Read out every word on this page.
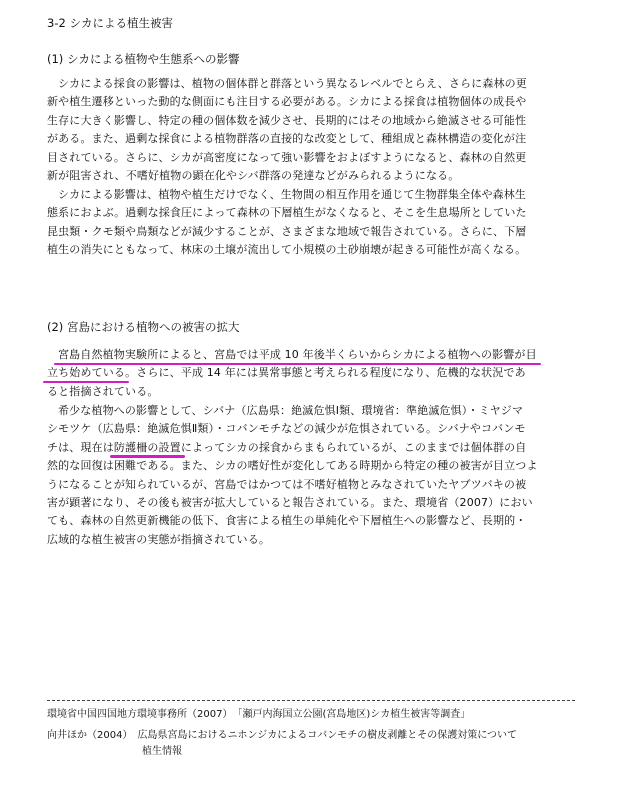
3-2 シカによる植生被害
(1) シカによる植物や生態系への影響
シカによる採食の影響は、植物の個体群と群落という異なるレベルでとらえ、さらに森林の更
新や植生遷移といった動的な側面にも注目する必要がある。シカによる採食は植物個体の成長や
生存に大きく影響し、特定の種の個体数を減少させ、長期的にはその地域から絶滅させる可能性
がある。また、過剰な採食による植物群落の直接的な改変として、種組成と森林構造の変化が注
目されている。さらに、シカが高密度になって強い影響をおよぼすようになると、森林の自然更
新が阻害され、不嗜好植物の顕在化やシバ群落の発達などがみられるようになる。
シカによる影響は、植物や植生だけでなく、生物間の相互作用を通じて生物群集全体や森林生
態系におよぶ。過剰な採食圧によって森林の下層植生がなくなると、そこを生息場所としていた
昆虫類・クモ類や鳥類などが減少することが、さまざまな地域で報告されている。さらに、下層
植生の消失にともなって、林床の土壌が流出して小規模の土砂崩壊が起きる可能性が高くなる。
(2) 宮島における植物への被害の拡大
宮島自然植物実験所によると、宮島では平成 10 年後半くらいからシカによる植物への影響が目
立ち始めている。さらに、平成 14 年には異常事態と考えられる程度になり、危機的な状況であ
ると指摘されている。
希少な植物への影響として、シバナ（広島県：絶滅危惧Ⅰ類、環境省：準絶滅危惧）・ミヤジマ
シモツケ（広島県：絶滅危惧Ⅱ類）・コバンモチなどの減少が危惧されている。シバナやコバンモ
チは、現在は防護柵の設置によってシカの採食からまもられているが、このままでは個体群の自
然的な回復は困難である。また、シカの嗜好性が変化してある時期から特定の種の被害が目立つよ
うになることが知られているが、宮島ではかつては不嗜好植物とみなされていたヤブツバキの被
害が顕著になり、その後も被害が拡大していると報告されている。また、環境省（2007）におい
ても、森林の自然更新機能の低下、食害による植生の単純化や下層植生への影響など、長期的・
広域的な植生被害の実態が指摘されている。
環境省中国四国地方環境事務所（2007）　「瀬戸内海国立公園(宮島地区)シカ植生被害等調査」
向井ほか（2004）　広島県宮島におけるニホンジカによるコバンモチの樹皮剥離とその保護対策について
植生情報
